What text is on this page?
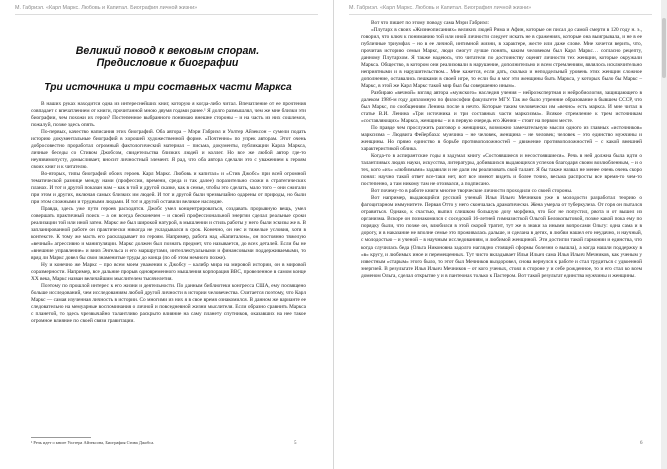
М. Габриэл. «Карл Маркс. Любовь и Капитал. Биография личной жизни»
Великий повод к вековым спорам.
Предисловие к биографии
Три источника и три составных части Маркса

В наших руках находится одна из интереснейших книг, которую я когда-либо читал. Впечатление от ее прочтения совпадает с впечатлением от книги, прочитанной мною двумя годами ранее.¹ Я долго размышлял, чем же мне близки эти биографии, чем похожи их герои? Постепенное выбранного понимаю внешне стороны – и на часть из них сошлемся, пожалуй, позже здесь опять.

По-первых, качество написания этих биографий. Оба автора – Мэри Габриэл и Уолтер Айзексон – сумели подать историю документальные биографий в хорошей художественной форме. «Почтенно» по упрек авторам. Этот очень добросовестно проработал огромный фактологический материал – письма, документы, публикации Карла Маркса, личные беседы со Стивом Джобсом, свидетельства близких людей и коллег. Но все же любой автор где-то неуязвимопусту, домысливает, вносит личностный элемент. Я рад, что оба автора сделали это с уважением к героям своих книг и к читателю.

Во-вторых, типы биографий обоих героев. Карл Маркс. Любовь и капитал» и «Стив Джобс» при всей огромной тематической разнице между нами (профессии, времени, среда и так далее) поразительно схожи в стратегических планах. И тот и другой показан нам – как в той и другой сказке, как в семье, чтобы это сделать, мало того – они сжигали при этом и других, включая самых близких им людей. И тот и другой были чрезвычайно одарены от природы, но были при этом сложными и трудными людьми. И тот и другой оставили великое наследие.

Правда, здесь уже пути героев расходятся. Джобс умел концентрироваться, создавать прорывную вещь, умел совершать практичный поиск – а он всегда бесконечен – и своей профессиональной энергии сделал реальные сроки реализации той или иной затеи. Маркс же был широкой натурой, в мышлении и стиль работы у него были эскизы же в. В запланированной работе он практически никогда не укладывался в срок. Конечно, он нес и тяжелые условия, хотя в контексте. К тому же масть его раскладывает по героям. Например, работа над «Капиталом», он постоянно тяжелую «вечный» агрессивно и манипуляции. Маркс должен был познать предмет, что называется, до всех деталей. Если бы не «внешние управление» и вниз Энгельса и его маршрутами, интеллектуальными и финансовыми поддерживаемыми, то вряд ли Маркс довел бы свои знаменитые труды до конца (по об этом немного позже).

Ну и конечно же Маркс – про всем моем уважении к Джобсу – калибр мира на мировой истории, он в мировой соразмерности. Например, все дальние прорыв одновременного мышления корпорация ВВС, провеленное в самом конце XX века, Маркс назван величайшим мыслителем тысячелетия.

Поэтому по прошлой интерес к его жизни и деятельности. По данным библиотеки конгресса США, ему посвящено больше исследований, чем исследованиям любой другой личности в истории человечества. Считается поэтому, что Карл Маркс — самая изученная личность в истории. Со многими из них я в свое время ознакомился. В данном же варианте ее следовательно на мемуарные воспоминания о личной и повседневной жизни мыслителя. Если образно сравнить Маркса с планетой, то здесь чрезвычайно талантливо раскрыто влияние на саму планету спутников, оказавших на нее такое огромное влияние по своей связи гравитации.

¹ Речь идет о книге Уолтера Айзексона, Биография Стива Джобса.	5
М. Габриэл. «Карл Маркс. Любовь и Капитал. Биография личной жизни»

Вот что пишет по этому поводу сама Мэри Габриэл:

«Плутарх в своих «Жизнеописаниях» великих людей Рима и Афин, которые он писал до самой смерти в 120 году н. э., говорил, что ключ к пониманию той или иной личности следует искать не в сражениях, которые она выигрывала, и не в ее публичные триумфах – но в ее личной, интимной жизни, в характере, жесте или даже слове. Мне хочется верить, что, прочитав историю семьи Маркс, люди смогут лучше понять, каким человеком был Карл Маркс… согласно рецепту, данному Плутархом. Я также надеюсь, что читатели по достоинству оценят личности тех женщин, которые окружали Маркса. Общество, в котором они реализовали в нарушение, дополнительно и всем стремлениям, являлось исключительно неприятными и в нарушительством... Мне кажется, если дать, сколько и неподдельный уровень этих женщин сложное дополнение, оставались пешками в своей игре, то если бы я мог эти женщины быть Маркса, у которых было бы Маркс – Маркс, в этой же Карл Маркс такой мир был бы совершенно иным».

Разбираю «вечной» взгляд автора «мужского» наследия учения – нейроэкспертная и нейробиология, защищающего в далеком 1986-м году дипломную по философии факультете МГУ. Так же было утренние образование в бывшем СССР, что был Маркс, по сообщениям Ленина после в нечто. Которые таким человечески им «вечно» есть маркса. И мне читал в статье В.И. Ленина «Три источника и три составных части марксизма». Всякое стремление к трем источникам «составляющих» Маркса, женщины – и в первую очередь его Женни – стоят на первом месте.

По правде чем прослужить разговор о женщинах, возможно замечательную мысли одного из главных «источников» марксизма – Людвига Фейербаха: мужчина – не человек, женщина – не человек; человек – это единство мужчины и женщины. Но прямо единство в борьбе противоположностей – движение противоположностей – с какой внешней характеристикой облика.

Когда-то в аспирантские годы я задумал книгу «Состоявшиеся и несостоявшиеся». Речь в ней должна была идти о талантливых людях науки, искусства, литературы, добившихся выдающихся успехов благодаря своим возлюбленным, – и о тех, кого «их» «любимыми» задавили и не дали им реализовать свой талант. Я бы также назвал не менее очень очень скоро понял: научно такой ответ все-таки нет, вот все имеют видеть и более точно, весьма распросты все время-то чем-то постепенно, а там никому там не отозвался, а подписано.

Вот почему-то в работе книги многие творческие личности проходили со своей стороны.

Вот например, выдающийся русский ученый Илья Ильич Мечников уже в молодости разработал теорию о фагоцитарном иммунитете. Первая Отто у него скончалась драматически. Жена умерла от туберкулеза. От горя он пытался отравиться. Однако, к счастью, выпил слишком большую дозу морфина, что Бог не попустил, рвота и от вышел из организма. Вскоре он познакомился с соседской 16-летней гимназисткой Ольгой Белокопытовой, позже какой пока ему по порядку были, что позже он, влюбился в этой скорой тратит, тут же в знаки за иными вопросами Ольгу: одна сама и в дорогу, и в наказание не вполне семье это проживалась дальше, и сделана в детях, в любви нашел его неудачно, и научный, с молодостью – и ученой – в научным исследованиям, и любимой женщиной. Эти достигли такой гармонии и единства, что когда случилась беда (Ольга Никоновна задолго наглядно стоящей сформы болезни о вышла), а когда нашли поддержку в «в» кругу, и любимых иное и перемещенных. Тут чисто вкладывает Илья Ильич сама Илья Ильич Мечников, как ученым у известным «старым» этого было, то этот был Мечников выздоровел, снова вернулся к работе и стал трудиться с удвоенной энергией. В результате Илья Ильич Мечников – от кого ученых, стоял в стороне у и себе рожденное, то и его стал ко всем доменом Ольга, сделал открытие у и в пантеонах только к Пастером. Вот такой результат единства мужчины и женщины.

6
